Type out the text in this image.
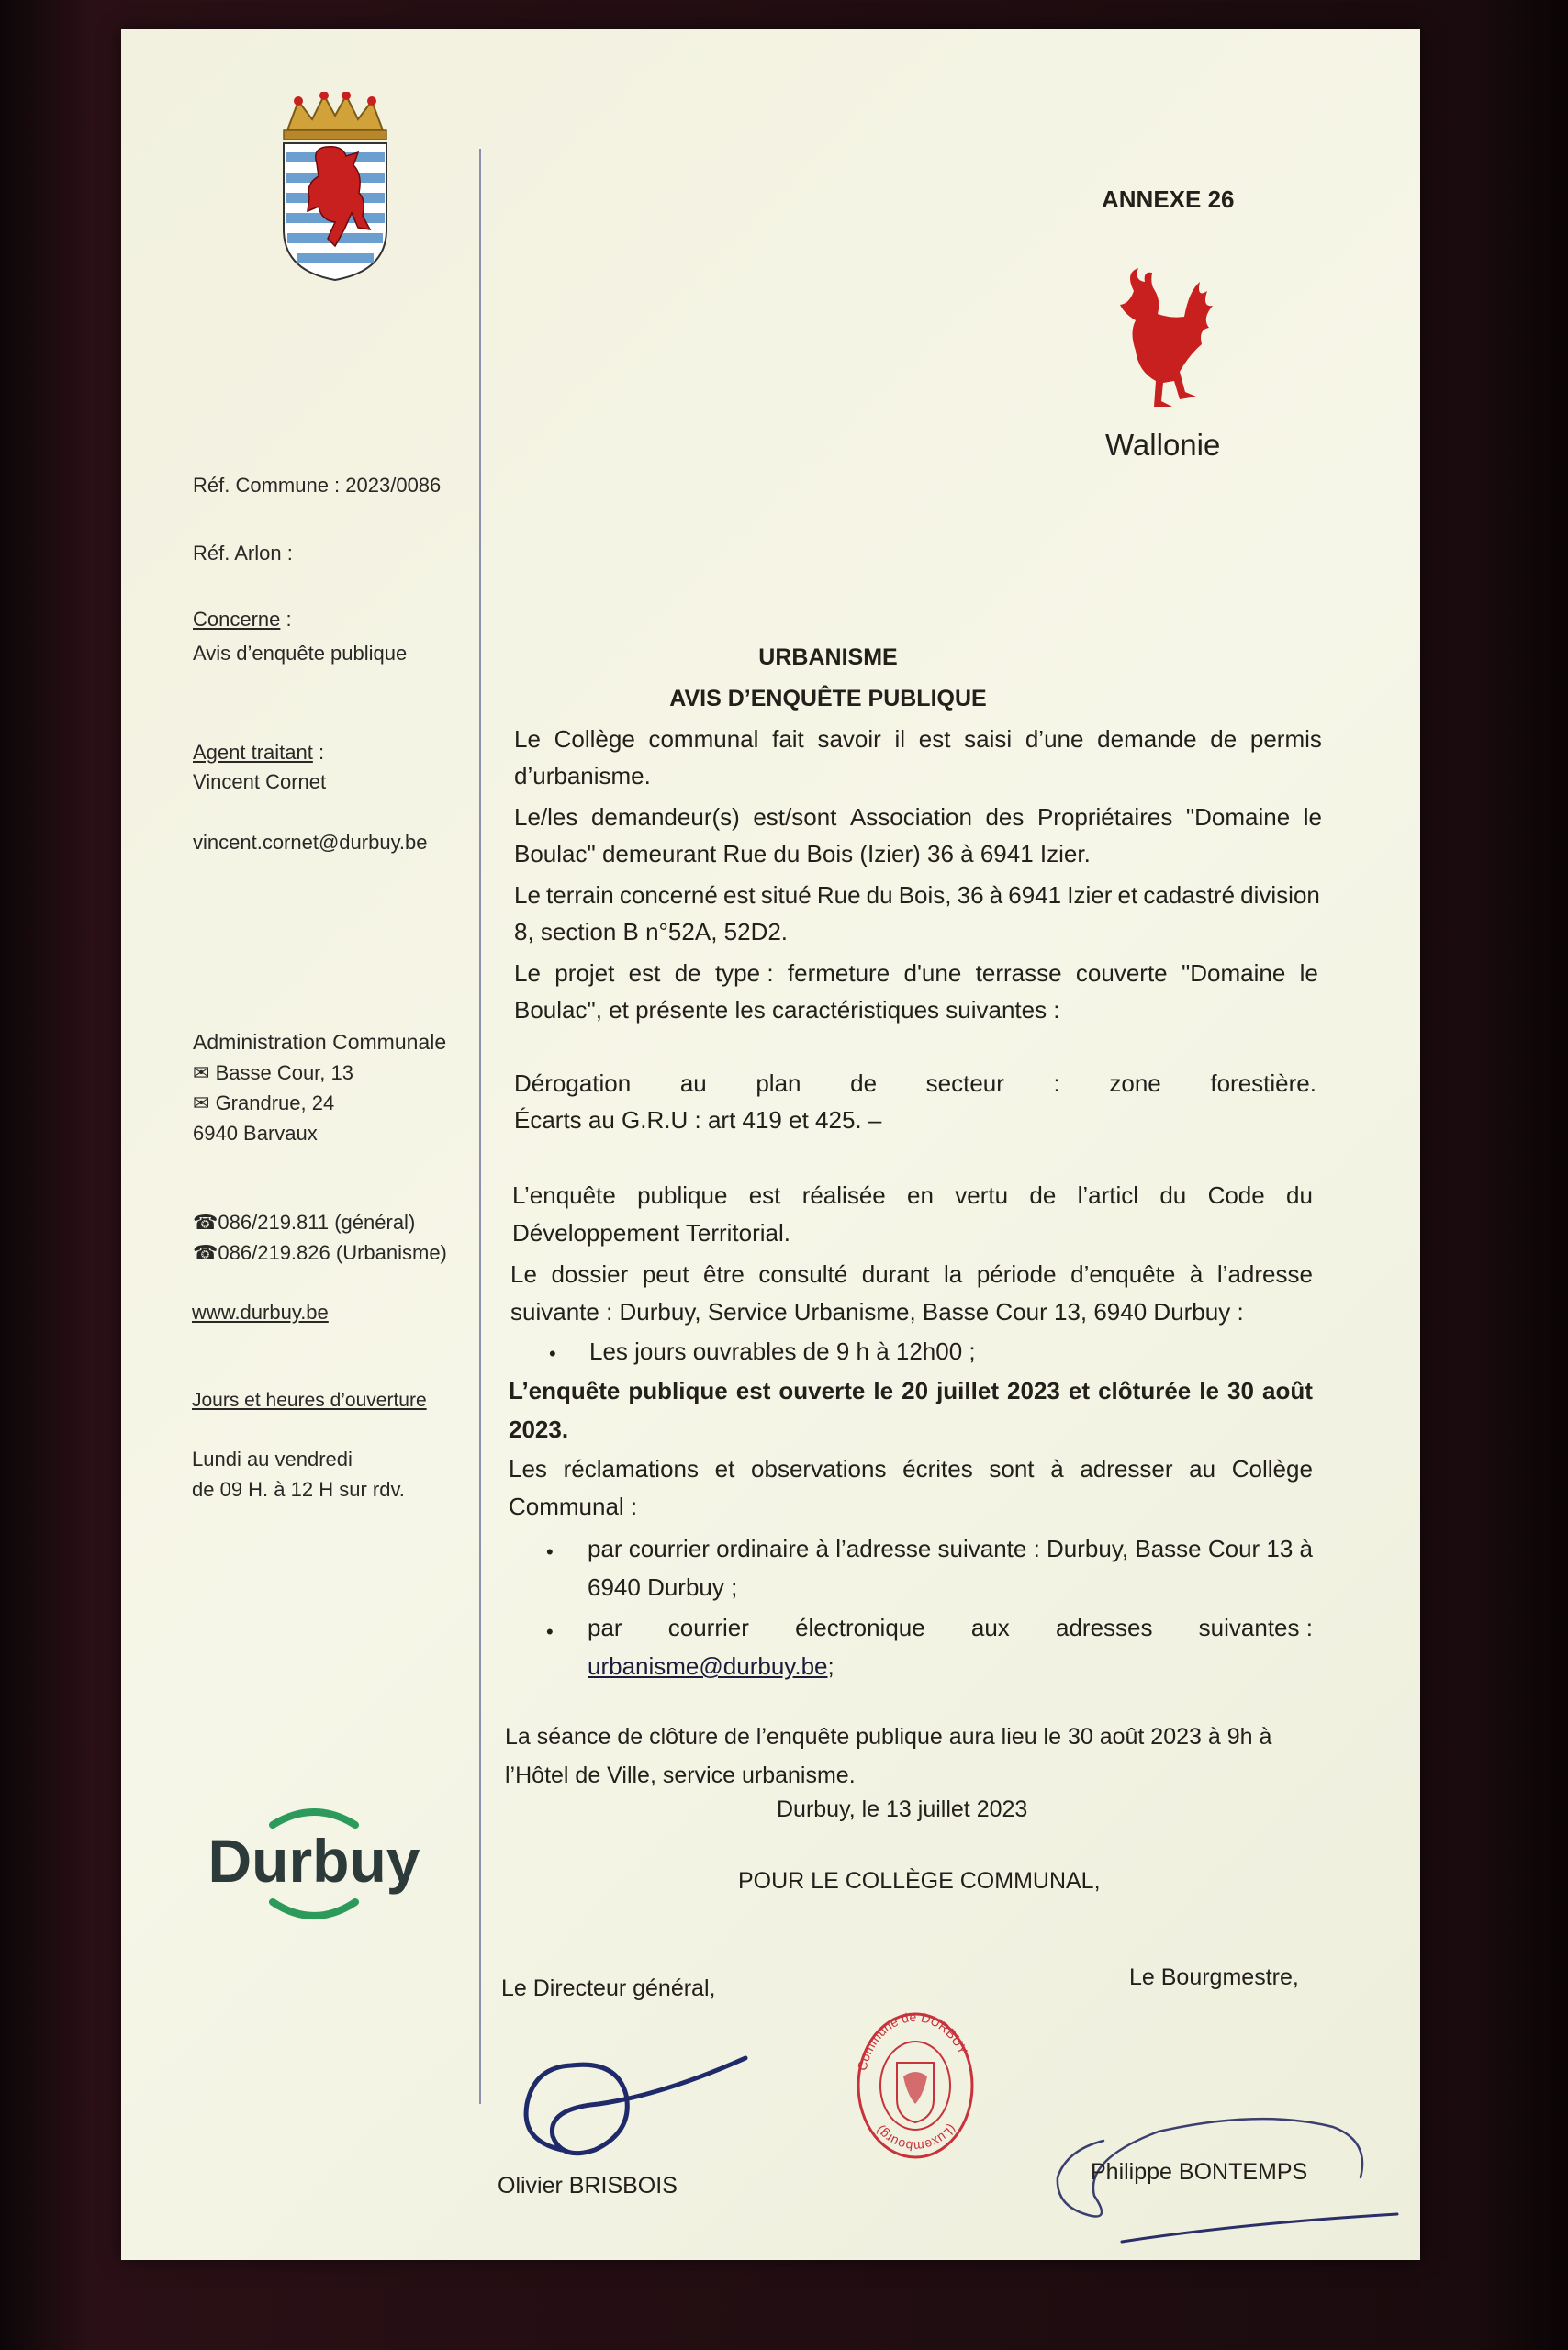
ANNEXE 26
Wallonie
Réf. Commune : 2023/0086
Réf. Arlon :
Concerne :
Avis d’enquête publique
Agent traitant :
Vincent Cornet
vincent.cornet@durbuy.be
Administration Communale
✉ Basse Cour, 13
✉ Grandrue, 24
6940 Barvaux
☎086/219.811 (général)
☎086/219.826 (Urbanisme)
www.durbuy.be
Jours et heures d’ouverture
Lundi au vendredi
de 09 H. à 12 H sur rdv.
Durbuy
URBANISME
AVIS D’ENQUÊTE PUBLIQUE
Le Collège communal fait savoir il est saisi d’une demande de permis
d’urbanisme.
Le/les demandeur(s) est/sont Association des Propriétaires "Domaine le
Boulac" demeurant Rue du Bois (Izier) 36 à 6941 Izier.
Le terrain concerné est situé Rue du Bois, 36 à 6941 Izier et cadastré division
8, section B n°52A, 52D2.
Le projet est de type : fermeture d'une terrasse couverte "Domaine le
Boulac", et présente les caractéristiques suivantes :
Dérogation au plan de secteur : zone forestière.
Écarts au G.R.U : art 419 et 425. –
L’enquête publique est réalisée en vertu de l’articl du Code du
Développement Territorial.
Le dossier peut être consulté durant la période d’enquête à l’adresse
suivante : Durbuy, Service Urbanisme, Basse Cour 13, 6940 Durbuy :
• Les jours ouvrables de 9 h à 12h00 ;
L’enquête publique est ouverte le 20 juillet 2023 et clôturée le 30 août
2023.
Les réclamations et observations écrites sont à adresser au Collège
Communal :
• par courrier ordinaire à l’adresse suivante : Durbuy, Basse Cour 13 à
6940 Durbuy ;
• par courrier électronique aux adresses suivantes :
urbanisme@durbuy.be;
La séance de clôture de l’enquête publique aura lieu le 30 août 2023 à 9h à
l’Hôtel de Ville, service urbanisme.
Durbuy, le 13 juillet 2023
POUR LE COLLÈGE COMMUNAL,
Le Directeur général,	Le Bourgmestre,
Olivier BRISBOIS
Commune de DURBUY
(Luxembourg)
Philippe BONTEMPS
